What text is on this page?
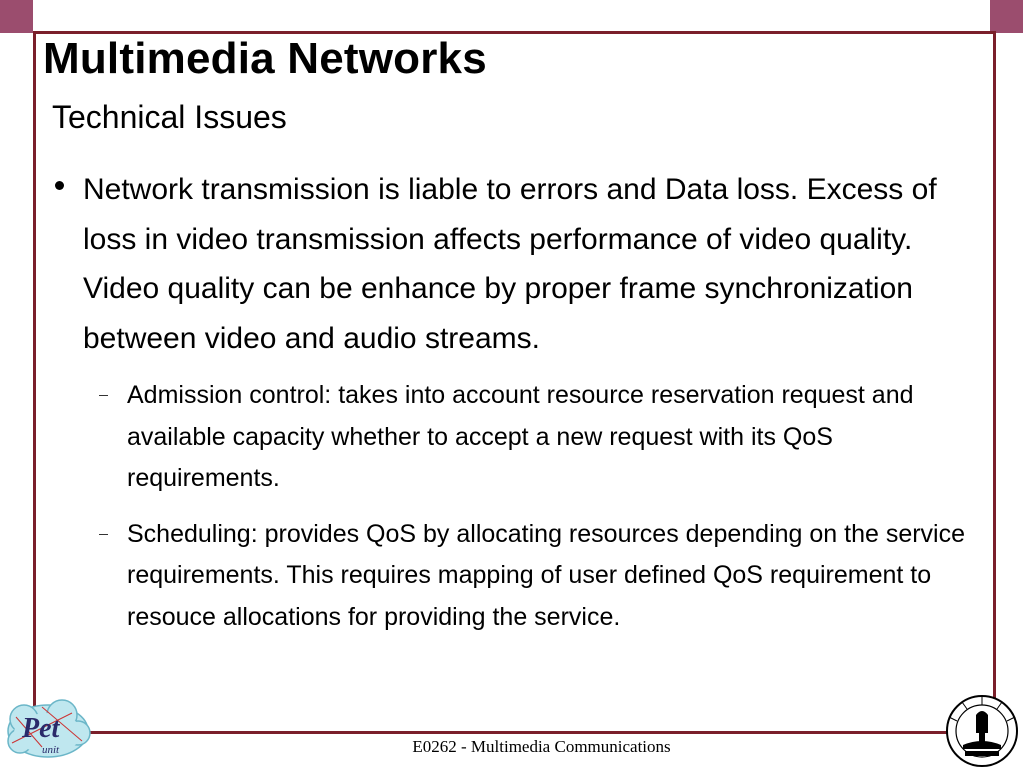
Multimedia Networks
Technical Issues
Network transmission is liable to errors and Data loss. Excess of loss in video transmission affects performance of video quality. Video quality can be enhance by proper frame synchronization between video and audio streams.
Admission control: takes into account resource reservation request and available capacity whether to accept a new request with its QoS requirements.
Scheduling: provides QoS by allocating resources depending on the service requirements. This requires mapping of user defined QoS requirement to resouce allocations for providing the service.
E0262 - Multimedia Communications
Pet
unit
